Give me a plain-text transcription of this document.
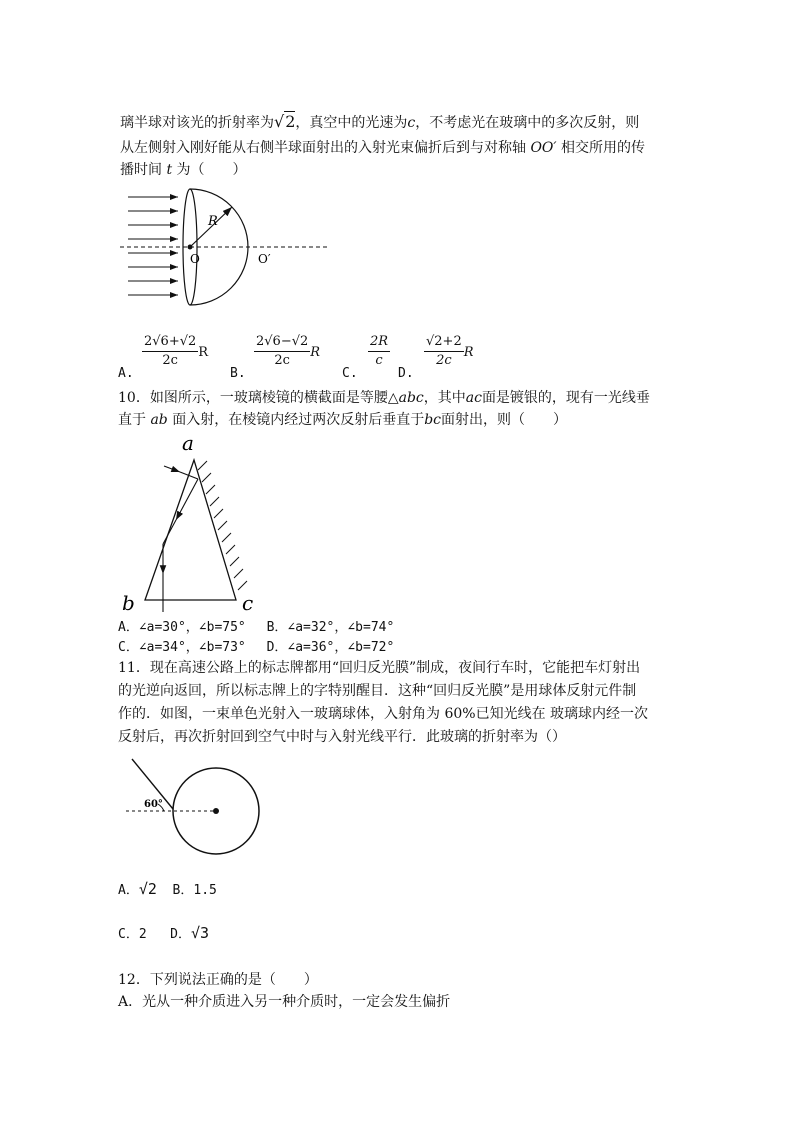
璃半球对该光的折射率为√2，真空中的光速为c，不考虑光在玻璃中的多次反射，则
从左侧射入刚好能从右侧半球面射出的入射光束偏折后到与对称轴 OO′ 相交所用的传
播时间 t 为（　　）
R
O	O′
A.
$\frac{2√6+√2}{2c}$ R
B.
$\frac{2√6-√2}{2c}$ R
C.
$\frac{2R}{c}$
D.
$\frac{√2+2}{2c}$ R
10．如图所示，一玻璃棱镜的横截面是等腰△abc，其中ac面是镀银的，现有一光线垂
直于 ab 面入射，在棱镜内经过两次反射后垂直于bc面射出，则（　　）
a
b	c
A．∠a=30°，∠b=75°　 B．∠a=32°，∠b=74°
C．∠a=34°，∠b=73°　 D．∠a=36°，∠b=72°
11．现在高速公路上的标志牌都用“回归反光膜”制成，夜间行车时，它能把车灯射出
的光逆向返回，所以标志牌上的字特别醒目．这种“回归反光膜”是用球体反射元件制
作的．如图，一束单色光射入一玻璃球体，入射角为 60%已知光线在 玻璃球内经一次
反射后，再次折射回到空气中时与入射光线平行．此玻璃的折射率为（）
60°
A．√2 B．1.5
C．2 D．√3
12．下列说法正确的是（　　）
A．光从一种介质进入另一种介质时，一定会发生偏折
